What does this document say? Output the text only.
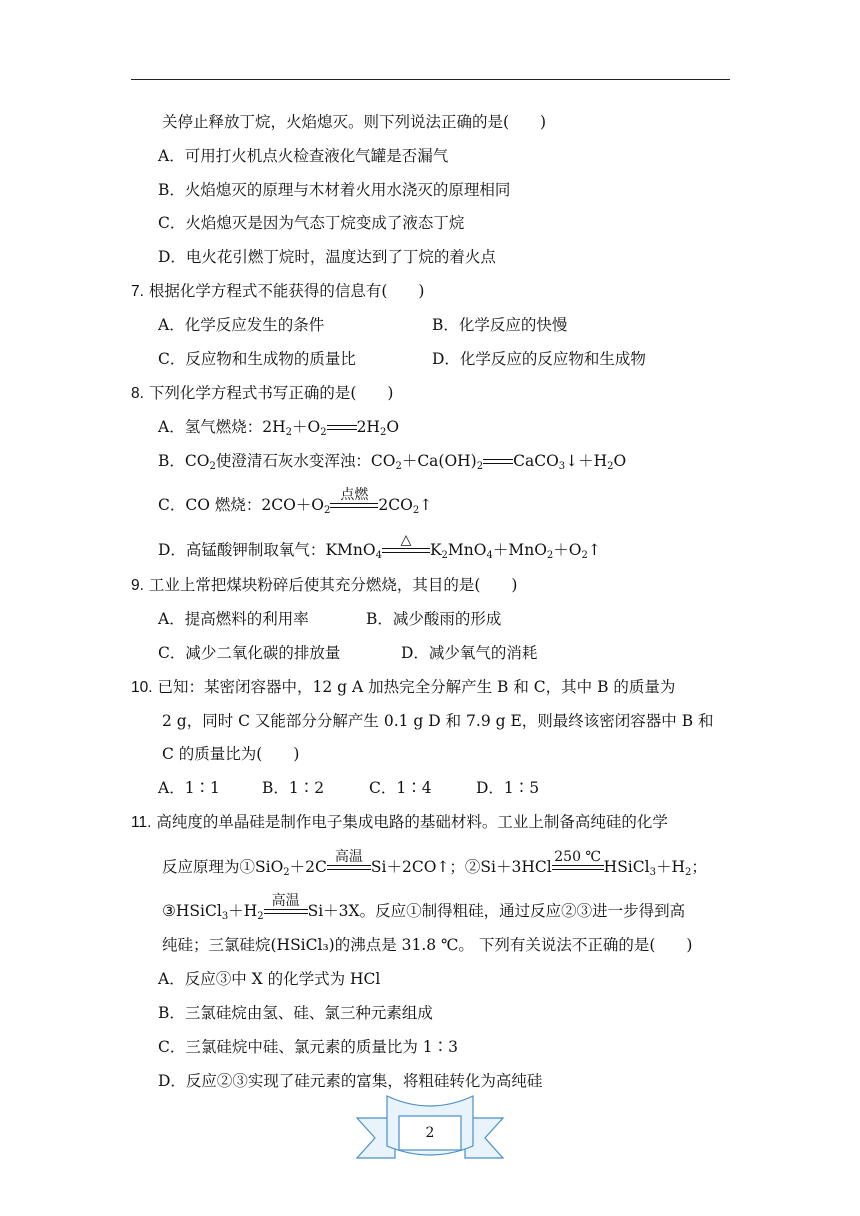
关停止释放丁烷，火焰熄灭。则下列说法正确的是(　　)
A．可用打火机点火检查液化气罐是否漏气
B．火焰熄灭的原理与木材着火用水浇灭的原理相同
C．火焰熄灭是因为气态丁烷变成了液态丁烷
D．电火花引燃丁烷时，温度达到了丁烷的着火点
7. 根据化学方程式不能获得的信息有(　　)
A．化学反应发生的条件	B．化学反应的快慢
C．反应物和生成物的质量比	D．化学反应的反应物和生成物
8. 下列化学方程式书写正确的是(　　)
A．氢气燃烧：$2H_2+O_2$ $2H_2O$
B．$CO_2$使澄清石灰水变浑浊：$CO_2+Ca(OH)_2$ $CaCO_3↓+H_2O$
C．CO 燃烧：$2CO+O_2$
点燃
$2CO_2↑$
D．高锰酸钾制取氧气：KMnO$_4$
△
$K_2MnO_4+MnO_2+O_2↑$
9. 工业上常把煤块粉碎后使其充分燃烧，其目的是(　　)
A．提高燃料的利用率	B．减少酸雨的形成
C．减少二氧化碳的排放量	D．减少氧气的消耗
10. 已知：某密闭容器中，12 g A 加热完全分解产生 B 和 C，其中 B 的质量为
2 g，同时 C 又能部分分解产生 0.1 g D 和 7.9 g E，则最终该密闭容器中 B 和
C 的质量比为(　　)
A．1∶1	B．1∶2	C．1∶4	D．1∶5
11. 高纯度的单晶硅是制作电子集成电路的基础材料。工业上制备高纯硅的化学
反应原理为①SiO$_2$＋2C
高温
Si＋2CO↑；②Si＋3HCl
250 ℃
$HSiCl_3+H_2$；
$③HSiCl_3+H_2$
高温
Si＋3X。反应①制得粗硅，通过反应②③进一步得到高
纯硅；三氯硅烷(HSiCl₃)的沸点是 31.8 ℃。 下列有关说法不正确的是(　　)
A．反应③中 X 的化学式为 HCl
B．三氯硅烷由氢、硅、氯三种元素组成
C．三氯硅烷中硅、氯元素的质量比为 1∶3
D．反应②③实现了硅元素的富集，将粗硅转化为高纯硅
2
